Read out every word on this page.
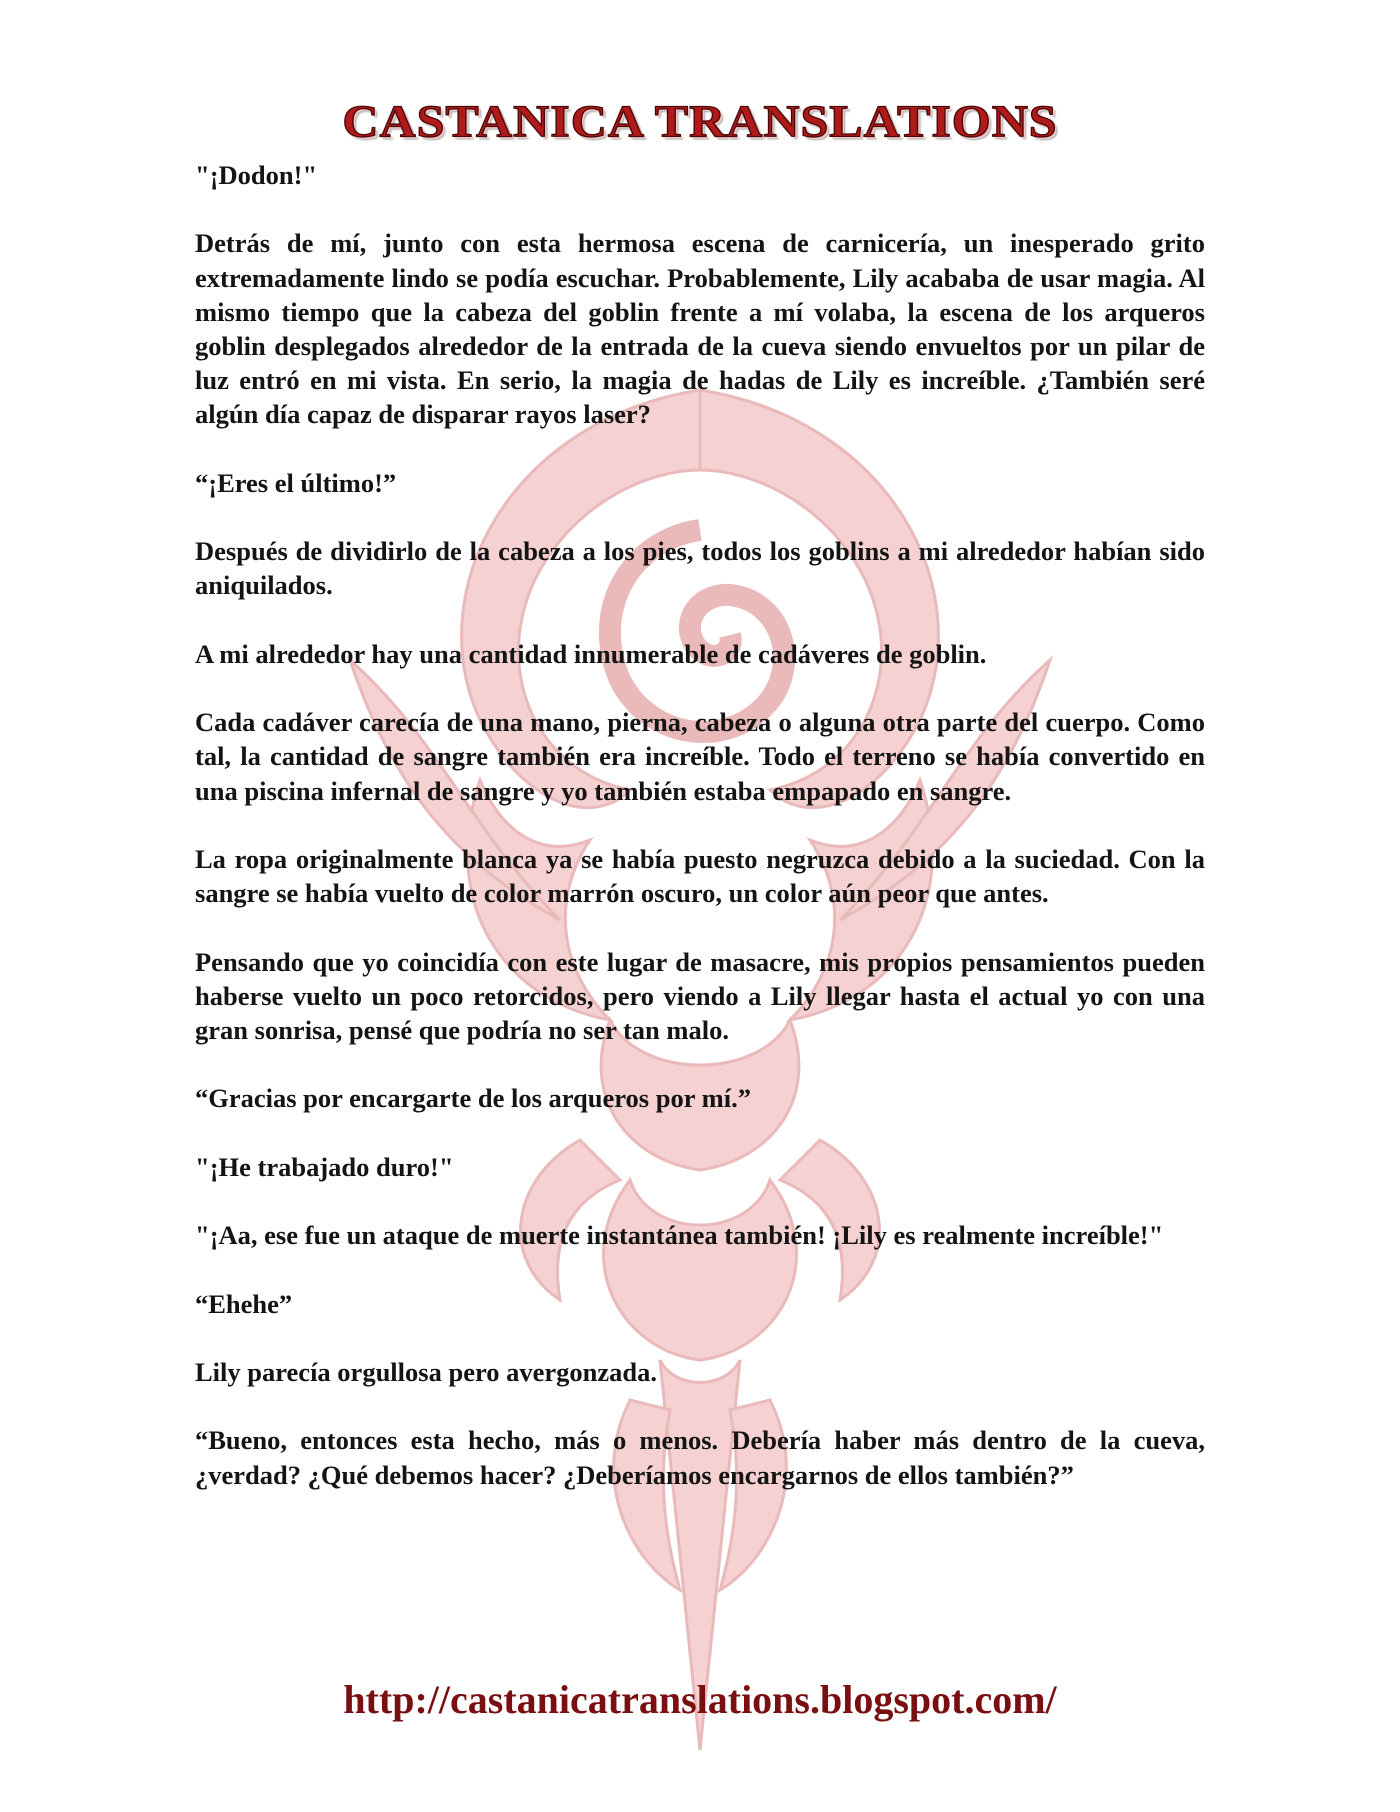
CASTANICA TRANSLATIONS

"¡Dodon!"

Detrás de mí, junto con esta hermosa escena de carnicería, un inesperado grito extremadamente lindo se podía escuchar. Probablemente, Lily acababa de usar magia. Al mismo tiempo que la cabeza del goblin frente a mí volaba, la escena de los arqueros goblin desplegados alrededor de la entrada de la cueva siendo envueltos por un pilar de luz entró en mi vista. En serio, la magia de hadas de Lily es increíble. ¿También seré algún día capaz de disparar rayos laser?

“¡Eres el último!”

Después de dividirlo de la cabeza a los pies, todos los goblins a mi alrededor habían sido aniquilados.

A mi alrededor hay una cantidad innumerable de cadáveres de goblin.

Cada cadáver carecía de una mano, pierna, cabeza o alguna otra parte del cuerpo. Como tal, la cantidad de sangre también era increíble. Todo el terreno se había convertido en una piscina infernal de sangre y yo también estaba empapado en sangre.

La ropa originalmente blanca ya se había puesto negruzca debido a la suciedad. Con la sangre se había vuelto de color marrón oscuro, un color aún peor que antes.

Pensando que yo coincidía con este lugar de masacre, mis propios pensamientos pueden haberse vuelto un poco retorcidos, pero viendo a Lily llegar hasta el actual yo con una gran sonrisa, pensé que podría no ser tan malo.

“Gracias por encargarte de los arqueros por mí.”

"¡He trabajado duro!"

"¡Aa, ese fue un ataque de muerte instantánea también! ¡Lily es realmente increíble!"

“Ehehe”

Lily parecía orgullosa pero avergonzada.

“Bueno, entonces esta hecho, más o menos. Debería haber más dentro de la cueva, ¿verdad? ¿Qué debemos hacer? ¿Deberíamos encargarnos de ellos también?”

http://castanicatranslations.blogspot.com/
